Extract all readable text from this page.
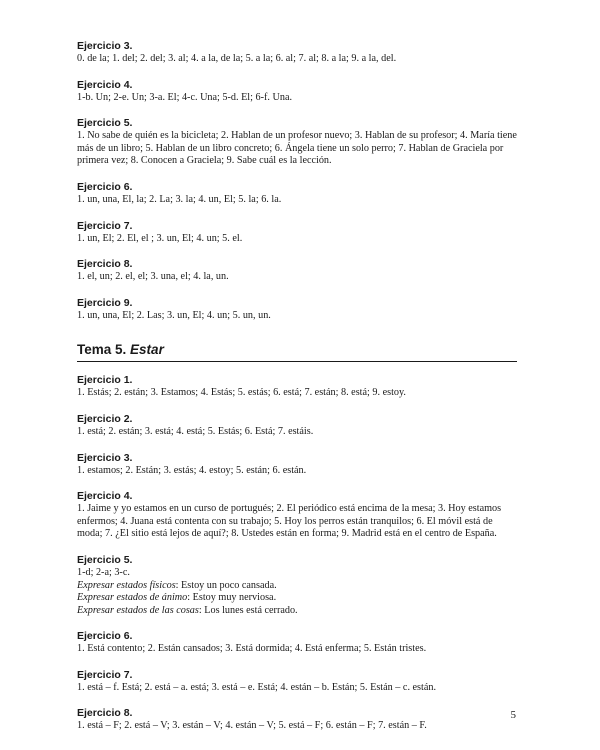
Ejercicio 3.

0. de la; 1. del; 2. del; 3. al; 4. a la, de la; 5. a la; 6. al; 7. al; 8. a la; 9. a la, del.

Ejercicio 4.

1-b. Un; 2-e. Un; 3-a. El; 4-c. Una; 5-d. El; 6-f. Una.

Ejercicio 5.

1. No sabe de quién es la bicicleta; 2. Hablan de un profesor nuevo; 3. Hablan de su profesor; 4. María tiene más de un libro; 5. Hablan de un libro concreto; 6. Ángela tiene un solo perro; 7. Hablan de Graciela por primera vez; 8. Conocen a Graciela; 9. Sabe cuál es la lección.

Ejercicio 6.

1. un, una, El, la; 2. La; 3. la; 4. un, El; 5. la; 6. la.

Ejercicio 7.

1. un, El; 2. El, el ; 3. un, El; 4. un; 5. el.

Ejercicio 8.

1. el, un; 2. el, el; 3. una, el; 4. la, un.

Ejercicio 9.

1. un, una, El; 2. Las; 3. un, El; 4. un; 5. un, un.

Tema 5. Estar
Ejercicio 1.

1. Estás; 2. están; 3. Estamos; 4. Estás; 5. estás; 6. está; 7. están; 8. está; 9. estoy.

Ejercicio 2.

1. está; 2. están; 3. está; 4. está; 5. Estás; 6. Está; 7. estáis.

Ejercicio 3.

1. estamos; 2. Están; 3. estás; 4. estoy; 5. están; 6. están.

Ejercicio 4.

1. Jaime y yo estamos en un curso de portugués; 2. El periódico está encima de la mesa; 3. Hoy estamos enfermos; 4. Juana está contenta con su trabajo; 5. Hoy los perros están tranquilos; 6. El móvil está de moda; 7. ¿El sitio está lejos de aquí?; 8. Ustedes están en forma; 9. Madrid está en el centro de España.

Ejercicio 5.
1-d; 2-a; 3-c.
Expresar estados físicos: Estoy un poco cansada.
Expresar estados de ánimo: Estoy muy nerviosa.
Expresar estados de las cosas: Los lunes está cerrado.
Ejercicio 6.

1. Está contento; 2. Están cansados; 3. Está dormida; 4. Está enferma; 5. Están tristes.

Ejercicio 7.

1. está – f. Está; 2. está – a. está; 3. está – e. Está; 4. están – b. Están; 5. Están – c. están.

Ejercicio 8.

1. está – F; 2. está – V; 3. están – V; 4. están – V; 5. está – F; 6. están – F; 7. están – F.

5
